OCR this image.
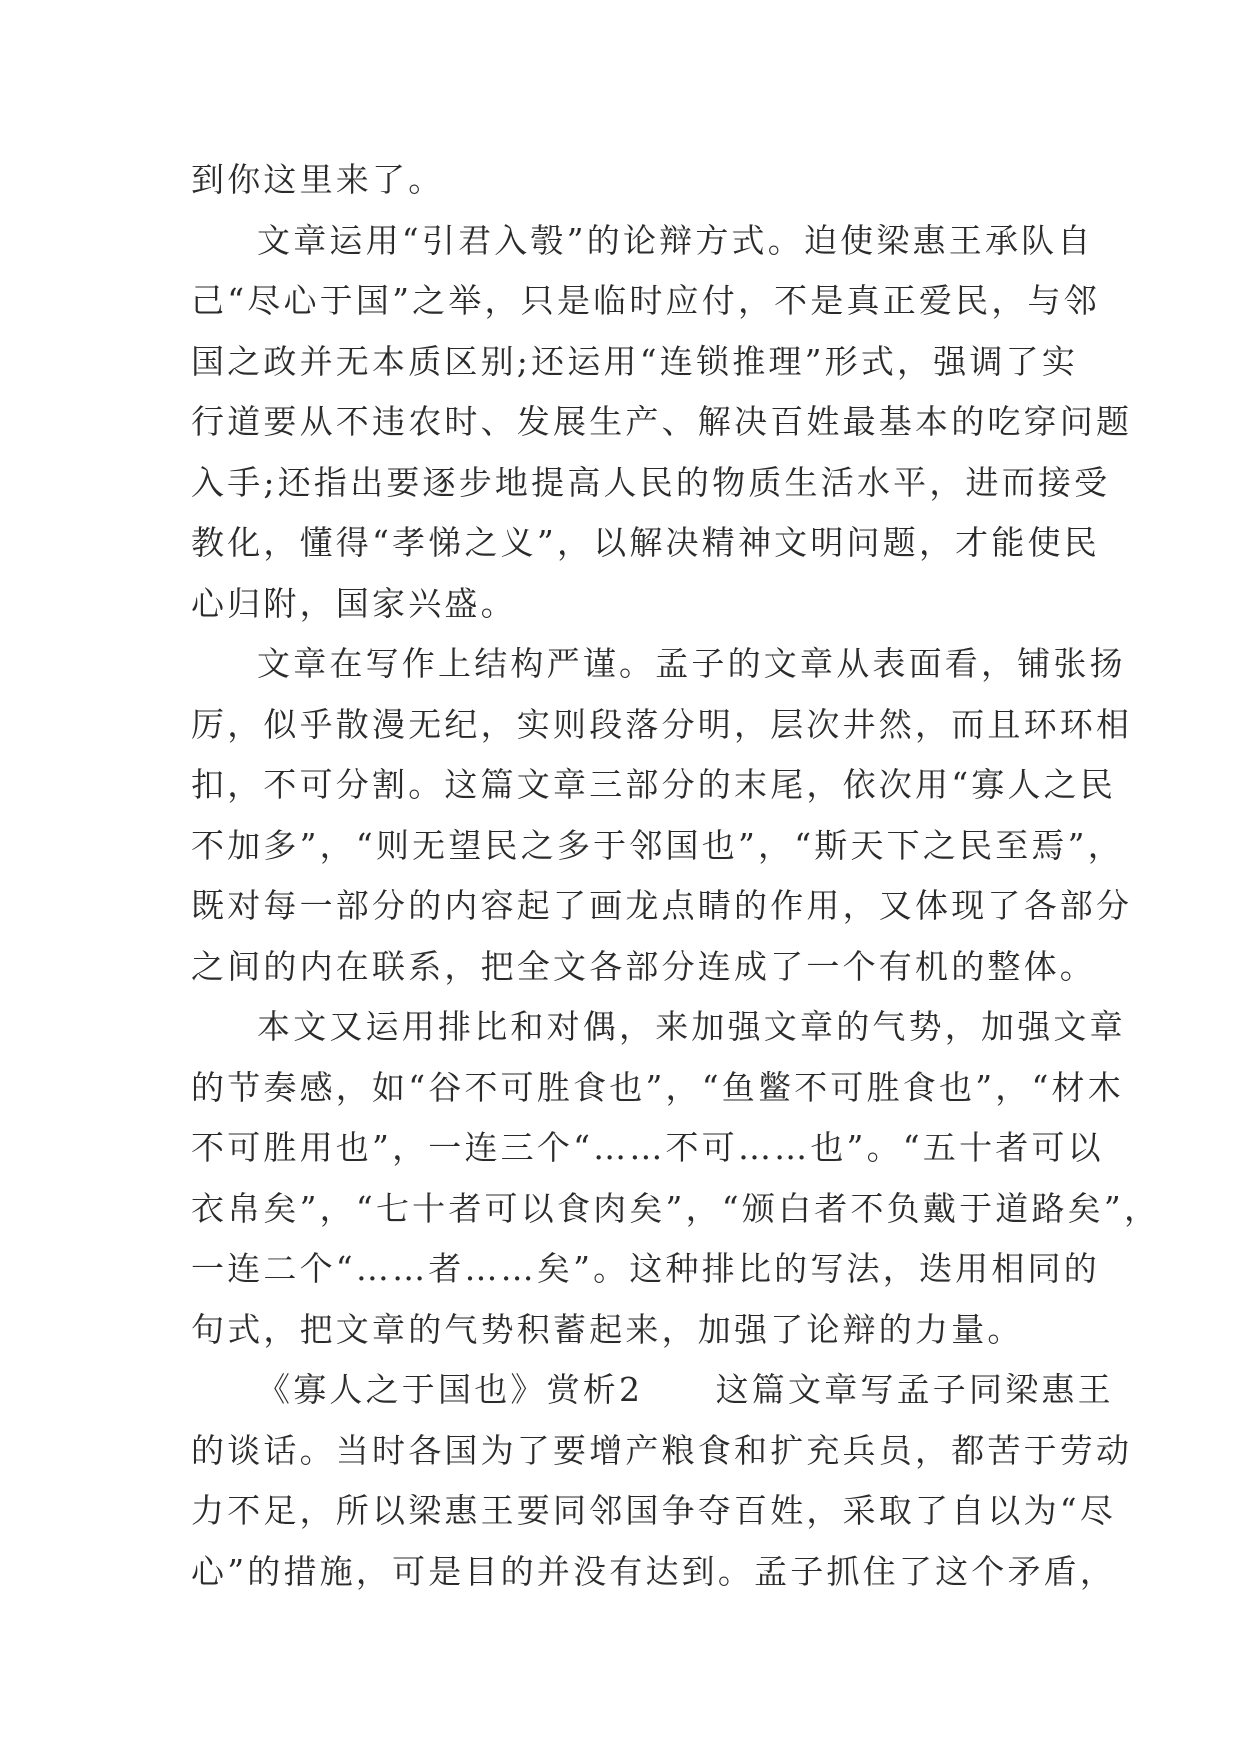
到你这里来了。
文章运用“引君入彀”的论辩方式。迫使梁惠王承队自
己“尽心于国”之举，只是临时应付，不是真正爱民，与邻
国之政并无本质区别;还运用“连锁推理”形式，强调了实
行道要从不违农时、发展生产、解决百姓最基本的吃穿问题
入手;还指出要逐步地提高人民的物质生活水平，进而接受
教化，懂得“孝悌之义”，以解决精神文明问题，才能使民
心归附，国家兴盛。
文章在写作上结构严谨。孟子的文章从表面看，铺张扬
厉，似乎散漫无纪，实则段落分明，层次井然，而且环环相
扣，不可分割。这篇文章三部分的末尾，依次用“寡人之民
不加多”，“则无望民之多于邻国也”，“斯天下之民至焉”，
既对每一部分的内容起了画龙点睛的作用，又体现了各部分
之间的内在联系，把全文各部分连成了一个有机的整体。
本文又运用排比和对偶，来加强文章的气势，加强文章
的节奏感，如“谷不可胜食也”，“鱼鳖不可胜食也”，“材木
不可胜用也”，一连三个“……不可……也”。“五十者可以
衣帛矣”，“七十者可以食肉矣”，“颁白者不负戴于道路矣”，
一连二个“……者……矣”。这种排比的写法，迭用相同的
句式，把文章的气势积蓄起来，加强了论辩的力量。
《寡人之于国也》赏析2　　这篇文章写孟子同梁惠王
的谈话。当时各国为了要增产粮食和扩充兵员，都苦于劳动
力不足，所以梁惠王要同邻国争夺百姓，采取了自以为“尽
心”的措施，可是目的并没有达到。孟子抓住了这个矛盾，
